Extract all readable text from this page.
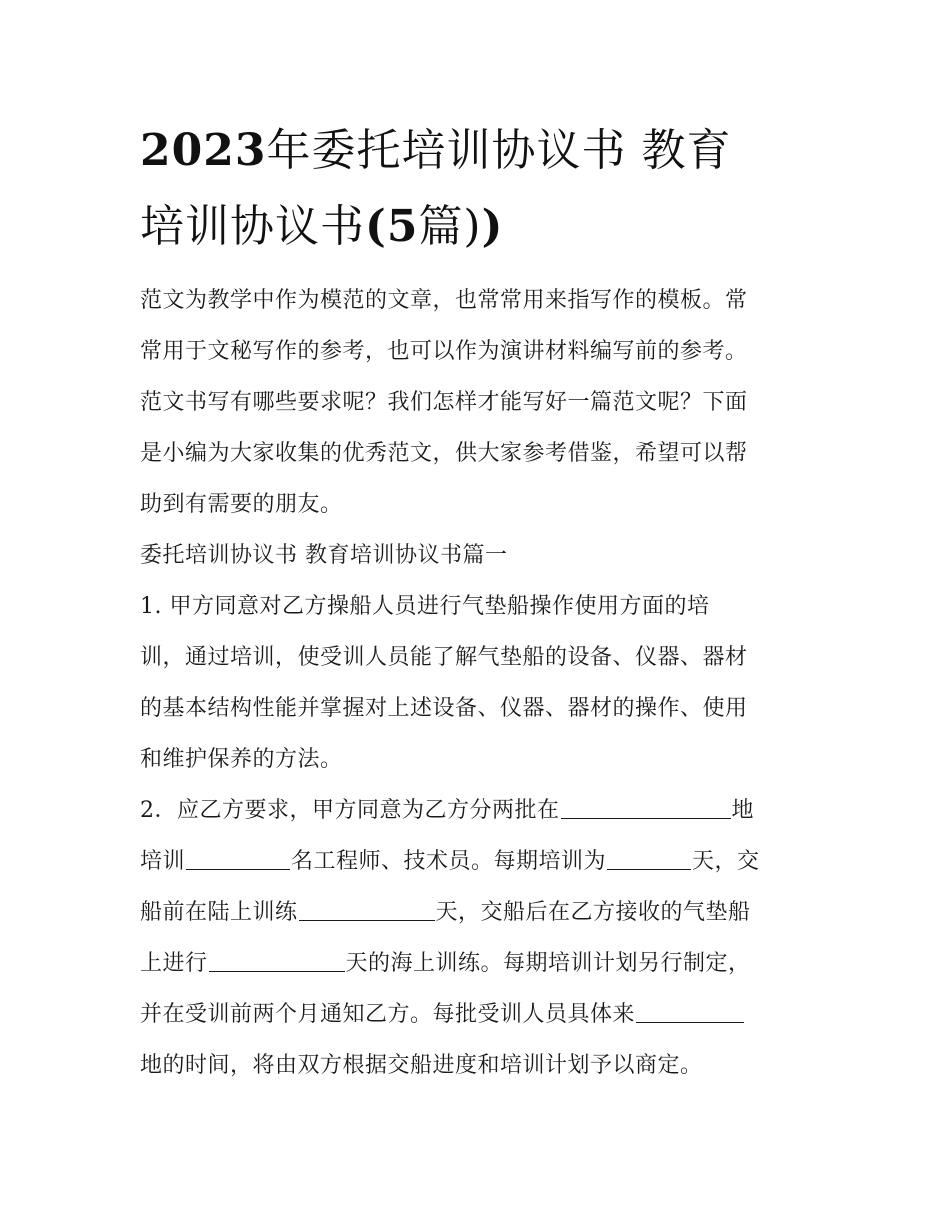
2023年委托培训协议书 教育
培训协议书(5篇))
范文为教学中作为模范的文章，也常常用来指写作的模板。常
常用于文秘写作的参考，也可以作为演讲材料编写前的参考。
范文书写有哪些要求呢？我们怎样才能写好一篇范文呢？下面
是小编为大家收集的优秀范文，供大家参考借鉴，希望可以帮
助到有需要的朋友。
委托培训协议书 教育培训协议书篇一
1. 甲方同意对乙方操船人员进行气垫船操作使用方面的培
训，通过培训，使受训人员能了解气垫船的设备、仪器、器材
的基本结构性能并掌握对上述设备、仪器、器材的操作、使用
和维护保养的方法。
2．应乙方要求，甲方同意为乙方分两批在	地
培训	名工程师、技术员。每期培训为	天，交
船前在陆上训练	天，交船后在乙方接收的气垫船
上进行	天的海上训练。每期培训计划另行制定，
并在受训前两个月通知乙方。每批受训人员具体来
地的时间，将由双方根据交船进度和培训计划予以商定。
